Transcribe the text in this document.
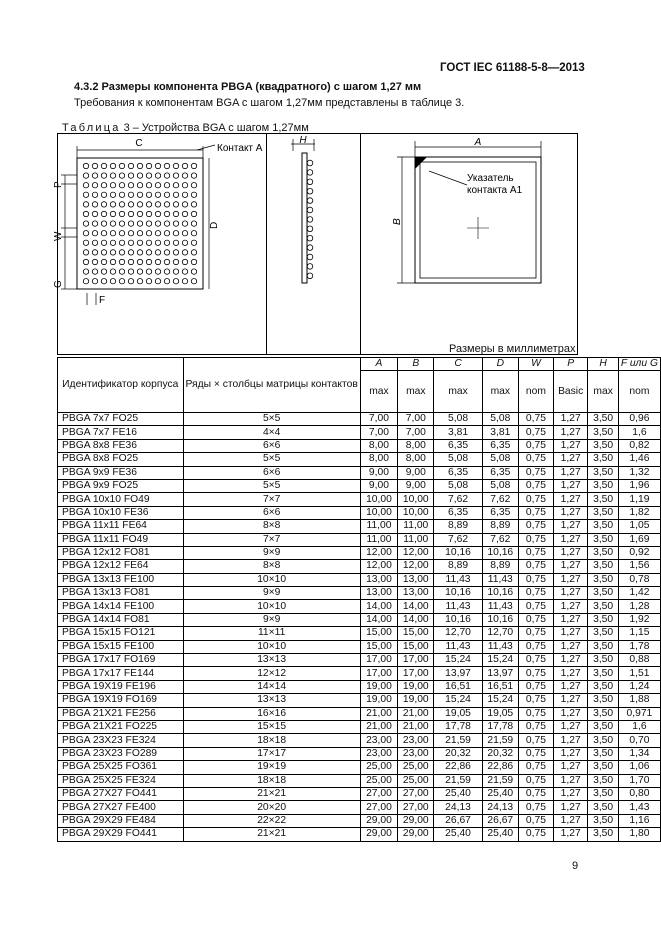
ГОСТ IEC 61188-5-8—2013
4.3.2 Размеры компонента PBGA (квадратного) с шагом 1,27 мм
Требования к компонентам BGA с шагом 1,27мм представлены в таблице 3.
Таблица 3 – Устройства BGA с шагом 1,27мм
C	Контакт A
D
P
W
G
F
H	A
B
Указатель
контакта A1
Размеры в миллиметрах
Идентификатор корпуса	Ряды × столбцы матрицы контактов	A	B	C	D	W	P	H	F или G
		max	max	max	max	nom	Basic	max	nom
PBGA 7x7 FO25	5×5	7,00	7,00	5,08	5,08	0,75	1,27	3,50	0,96
PBGA 7x7 FE16	4×4	7,00	7,00	3,81	3,81	0,75	1,27	3,50	1,6
PBGA 8x8 FE36	6×6	8,00	8,00	6,35	6,35	0,75	1,27	3,50	0,82
PBGA 8x8 FO25	5×5	8,00	8,00	5,08	5,08	0,75	1,27	3,50	1,46
PBGA 9x9 FE36	6×6	9,00	9,00	6,35	6,35	0,75	1,27	3,50	1,32
PBGA 9x9 FO25	5×5	9,00	9,00	5,08	5,08	0,75	1,27	3,50	1,96
PBGA 10x10 FO49	7×7	10,00	10,00	7,62	7,62	0,75	1,27	3,50	1,19
PBGA 10x10 FE36	6×6	10,00	10,00	6,35	6,35	0,75	1,27	3,50	1,82
PBGA 11x11 FE64	8×8	11,00	11,00	8,89	8,89	0,75	1,27	3,50	1,05
PBGA 11x11 FO49	7×7	11,00	11,00	7,62	7,62	0,75	1,27	3,50	1,69
PBGA 12x12 FO81	9×9	12,00	12,00	10,16	10,16	0,75	1,27	3,50	0,92
PBGA 12x12 FE64	8×8	12,00	12,00	8,89	8,89	0,75	1,27	3,50	1,56
PBGA 13x13 FE100	10×10	13,00	13,00	11,43	11,43	0,75	1,27	3,50	0,78
PBGA 13x13 FO81	9×9	13,00	13,00	10,16	10,16	0,75	1,27	3,50	1,42
PBGA 14x14 FE100	10×10	14,00	14,00	11,43	11,43	0,75	1,27	3,50	1,28
PBGA 14x14 FO81	9×9	14,00	14,00	10,16	10,16	0,75	1,27	3,50	1,92
PBGA 15x15 FO121	11×11	15,00	15,00	12,70	12,70	0,75	1,27	3,50	1,15
PBGA 15x15 FE100	10×10	15,00	15,00	11,43	11,43	0,75	1,27	3,50	1,78
PBGA 17x17 FO169	13×13	17,00	17,00	15,24	15,24	0,75	1,27	3,50	0,88
PBGA 17x17 FE144	12×12	17,00	17,00	13,97	13,97	0,75	1,27	3,50	1,51
PBGA 19X19 FE196	14×14	19,00	19,00	16,51	16,51	0,75	1,27	3,50	1,24
PBGA 19X19 FO169	13×13	19,00	19,00	15,24	15,24	0,75	1,27	3,50	1,88
PBGA 21X21 FE256	16×16	21,00	21,00	19,05	19,05	0,75	1,27	3,50	0,971
PBGA 21X21 FO225	15×15	21,00	21,00	17,78	17,78	0,75	1,27	3,50	1,6
PBGA 23X23 FE324	18×18	23,00	23,00	21,59	21,59	0,75	1,27	3,50	0,70
PBGA 23X23 FO289	17×17	23,00	23,00	20,32	20,32	0,75	1,27	3,50	1,34
PBGA 25X25 FO361	19×19	25,00	25,00	22,86	22,86	0,75	1,27	3,50	1,06
PBGA 25X25 FE324	18×18	25,00	25,00	21,59	21,59	0,75	1,27	3,50	1,70
PBGA 27X27 FO441	21×21	27,00	27,00	25,40	25,40	0,75	1,27	3,50	0,80
PBGA 27X27 FE400	20×20	27,00	27,00	24,13	24,13	0,75	1,27	3,50	1,43
PBGA 29X29 FE484	22×22	29,00	29,00	26,67	26,67	0,75	1,27	3,50	1,16
PBGA 29X29 FO441	21×21	29,00	29,00	25,40	25,40	0,75	1,27	3,50	1,80
9
